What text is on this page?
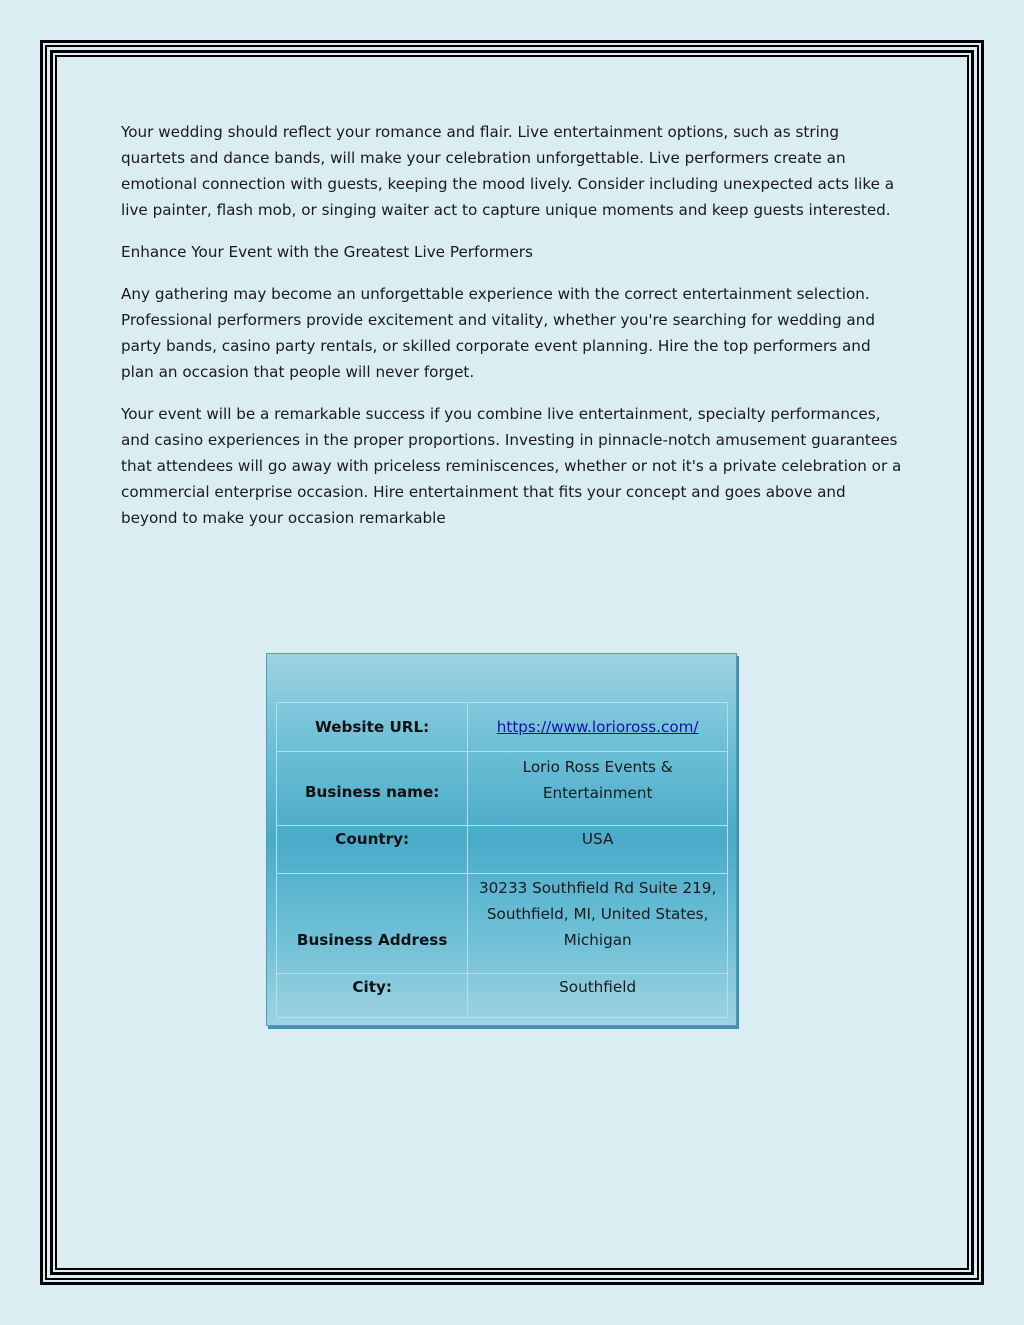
Your wedding should reflect your romance and flair. Live entertainment options, such as string quartets and dance bands, will make your celebration unforgettable. Live performers create an emotional connection with guests, keeping the mood lively. Consider including unexpected acts like a live painter, flash mob, or singing waiter act to capture unique moments and keep guests interested.

Enhance Your Event with the Greatest Live Performers

Any gathering may become an unforgettable experience with the correct entertainment selection. Professional performers provide excitement and vitality, whether you're searching for wedding and party bands, casino party rentals, or skilled corporate event planning. Hire the top performers and plan an occasion that people will never forget.

Your event will be a remarkable success if you combine live entertainment, specialty performances, and casino experiences in the proper proportions. Investing in pinnacle-notch amusement guarantees that attendees will go away with priceless reminiscences, whether or not it's a private celebration or a commercial enterprise occasion. Hire entertainment that fits your concept and goes above and beyond to make your occasion remarkable

Website URL:	https://www.lorioross.com/
Business name:	Lorio Ross Events & Entertainment
Country:	USA
Business Address	30233 Southfield Rd Suite 219, Southfield, MI, United States, Michigan
City:	Southfield
